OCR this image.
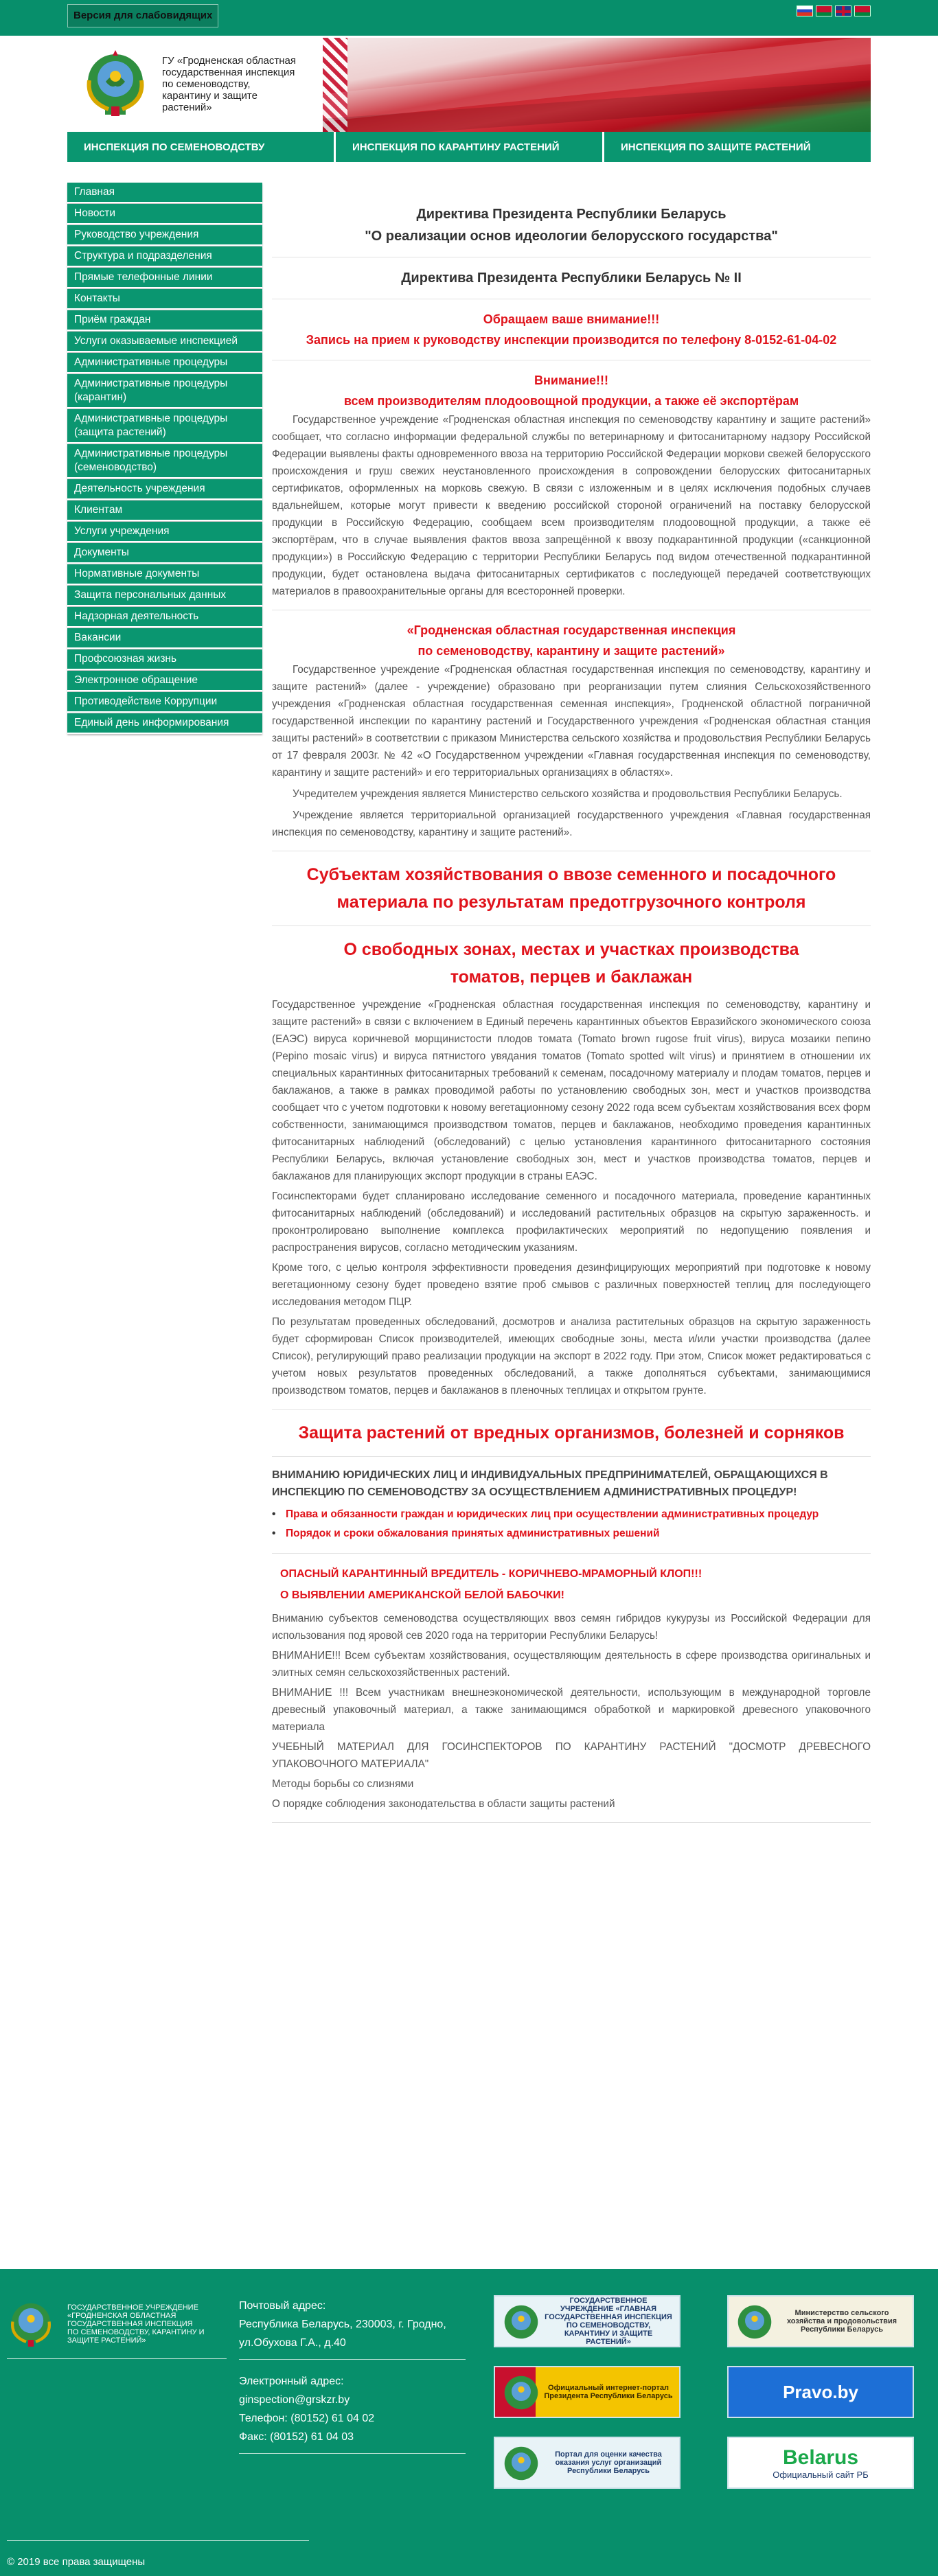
Версия для слабовидящих
ГУ «Гродненская областная государственная инспекция по семеноводству, карантину и защите растений»
ИНСПЕКЦИЯ ПО СЕМЕНОВОДСТВУ	ИНСПЕКЦИЯ ПО КАРАНТИНУ РАСТЕНИЙ	ИНСПЕКЦИЯ ПО ЗАЩИТЕ РАСТЕНИЙ
Главная
Новости
Руководство учреждения
Структура и подразделения
Прямые телефонные линии
Контакты
Приём граждан
Услуги оказываемые инспекцией
Административные процедуры
Административные процедуры (карантин)
Административные процедуры (защита растений)
Административные процедуры (семеноводство)
Деятельность учреждения
Клиентам
Услуги учреждения
Документы
Нормативные документы
Защита персональных данных
Надзорная деятельность
Вакансии
Профсоюзная жизнь
Электронное обращение
Противодействие Коррупции
Единый день информирования
Директива Президента Республики Беларусь
"О реализации основ идеологии белорусского государства"
Директива Президента Республики Беларусь № II
Обращаем ваше внимание!!!
Запись на прием к руководству инспекции производится по телефону 8-0152-61-04-02
Внимание!!!
всем производителям плодоовощной продукции, а также её экспортёрам

Государственное учреждение «Гродненская областная инспекция по семеноводству карантину и защите растений» сообщает, что согласно информации федеральной службы по ветеринарному и фитосанитарному надзору Российской Федерации выявлены факты одновременного ввоза на территорию Российской Федерации моркови свежей белорусского происхождения и груш свежих неустановленного происхождения в сопровождении белорусских фитосанитарных сертификатов, оформленных на морковь свежую. В связи с изложенным и в целях исключения подобных случаев вдальнейшем, которые могут привести к введению российской стороной ограничений на поставку белорусской продукции в Российскую Федерацию, сообщаем всем производителям плодоовощной продукции, а также её экспортёрам, что в случае выявления фактов ввоза запрещённой к ввозу подкарантинной продукции («санкционной продукции») в Российскую Федерацию с территории Республики Беларусь под видом отечественной подкарантинной продукции, будет остановлена выдача фитосанитарных сертификатов с последующей передачей соответствующих материалов в правоохранительные органы для всесторонней проверки.

«Гродненская областная государственная инспекция
по семеноводству, карантину и защите растений»

Государственное учреждение «Гродненская областная государственная инспекция по семеноводству, карантину и защите растений» (далее - учреждение) образовано при реорганизации путем слияния Сельскохозяйственного учреждения «Гродненская областная государственная семенная инспекция», Гродненской областной пограничной государственной инспекции по карантину растений и Государственного учреждения «Гродненская областная станция защиты растений» в соответствии с приказом Министерства сельского хозяйства и продовольствия Республики Беларусь от 17 февраля 2003г. № 42 «О Государственном учреждении «Главная государственная инспекция по семеноводству, карантину и защите растений» и его территориальных организациях в областях».

Учредителем учреждения является Министерство сельского хозяйства и продовольствия Республики Беларусь.

Учреждение является территориальной организацией государственного учреждения «Главная государственная инспекция по семеноводству, карантину и защите растений».

Субъектам хозяйствования о ввозе семенного и посадочного материала по результатам предотгрузочного контроля
О свободных зонах, местах и участках производства томатов, перцев и баклажан

Государственное учреждение «Гродненская областная государственная инспекция по семеноводству, карантину и защите растений» в связи с включением в Единый перечень карантинных объектов Евразийского экономического союза (ЕАЭС) вируса коричневой морщинистости плодов томата (Tomato brown rugose fruit virus), вируса мозаики пепино (Pepino mosaic virus) и вируса пятнистого увядания томатов (Tomato spotted wilt virus) и принятием в отношении их специальных карантинных фитосанитарных требований к семенам, посадочному материалу и плодам томатов, перцев и баклажанов, а также в рамках проводимой работы по установлению свободных зон, мест и участков производства сообщает что с учетом подготовки к новому вегетационному сезону 2022 года всем субъектам хозяйствования всех форм собственности, занимающимся производством томатов, перцев и баклажанов, необходимо проведения карантинных фитосанитарных наблюдений (обследований) с целью установления карантинного фитосанитарного состояния Республики Беларусь, включая установление свободных зон, мест и участков производства томатов, перцев и баклажанов для планирующих экспорт продукции в страны ЕАЭС.

Госинспекторами будет спланировано исследование семенного и посадочного материала, проведение карантинных фитосанитарных наблюдений (обследований) и исследований растительных образцов на скрытую зараженность. и проконтролировано выполнение комплекса профилактических мероприятий по недопущению появления и распространения вирусов, согласно методическим указаниям.

Кроме того, с целью контроля эффективности проведения дезинфицирующих мероприятий при подготовке к новому вегетационному сезону будет проведено взятие проб смывов с различных поверхностей теплиц для последующего исследования методом ПЦР.

По результатам проведенных обследований, досмотров и анализа растительных образцов на скрытую зараженность будет сформирован Список производителей, имеющих свободные зоны, места и/или участки производства (далее Список), регулирующий право реализации продукции на экспорт в 2022 году. При этом, Список может редактироваться с учетом новых результатов проведенных обследований, а также дополняться субъектами, занимающимися производством томатов, перцев и баклажанов в пленочных теплицах и открытом грунте.

Защита растений от вредных организмов, болезней и сорняков
ВНИМАНИЮ ЮРИДИЧЕСКИХ ЛИЦ И ИНДИВИДУАЛЬНЫХ ПРЕДПРИНИМАТЕЛЕЙ, ОБРАЩАЮЩИХСЯ В ИНСПЕКЦИЮ ПО СЕМЕНОВОДСТВУ ЗА ОСУЩЕСТВЛЕНИЕМ АДМИНИСТРАТИВНЫХ ПРОЦЕДУР!
• Права и обязанности граждан и юридических лиц при осуществлении административных процедур
• Порядок и сроки обжалования принятых административных решений
ОПАСНЫЙ КАРАНТИННЫЙ ВРЕДИТЕЛЬ - КОРИЧНЕВО-МРАМОРНЫЙ КЛОП!!!
О ВЫЯВЛЕНИИ АМЕРИКАНСКОЙ БЕЛОЙ БАБОЧКИ!

Вниманию субъектов семеноводства осуществляющих ввоз семян гибридов кукурузы из Российской Федерации для использования под яровой сев 2020 года на территории Республики Беларусь!

ВНИМАНИЕ!!! Всем субъектам хозяйствования, осуществляющим деятельность в сфере производства оригинальных и элитных семян сельскохозяйственных растений.

ВНИМАНИЕ !!! Всем участникам внешнеэкономической деятельности, использующим в международной торговле древесный упаковочный материал, а также занимающимся обработкой и маркировкой древесного упаковочного материала

УЧЕБНЫЙ МАТЕРИАЛ ДЛЯ ГОСИНСПЕКТОРОВ ПО КАРАНТИНУ РАСТЕНИЙ "ДОСМОТР ДРЕВЕСНОГО УПАКОВОЧНОГО МАТЕРИАЛА"

Методы борьбы со слизнями

О порядке соблюдения законодательства в области защиты растений

ГОСУДАРСТВЕННОЕ УЧРЕЖДЕНИЕ «ГРОДНЕНСКАЯ ОБЛАСТНАЯ ГОСУДАРСТВЕННАЯ ИНСПЕКЦИЯ ПО СЕМЕНОВОДСТВУ, КАРАНТИНУ И ЗАЩИТЕ РАСТЕНИЙ»
Почтовый адрес:
Республика Беларусь, 230003, г. Гродно,
ул.Обухова Г.А., д.40
Электронный адрес:
ginspection@grskzr.by
Телефон: (80152) 61 04 02
Факс: (80152) 61 04 03
ГОСУДАРСТВЕННОЕ УЧРЕЖДЕНИЕ «ГЛАВНАЯ ГОСУДАРСТВЕННАЯ ИНСПЕКЦИЯ ПО СЕМЕНОВОДСТВУ, КАРАНТИНУ И ЗАЩИТЕ РАСТЕНИЙ»
Официальный интернет-портал Президента Республики Беларусь
Портал для оценки качества оказания услуг организаций Республики Беларусь
Министерство сельского хозяйства и продовольствия Республики Беларусь
Pravo.by
Belarus
Официальный сайт РБ
© 2019 все права защищены
